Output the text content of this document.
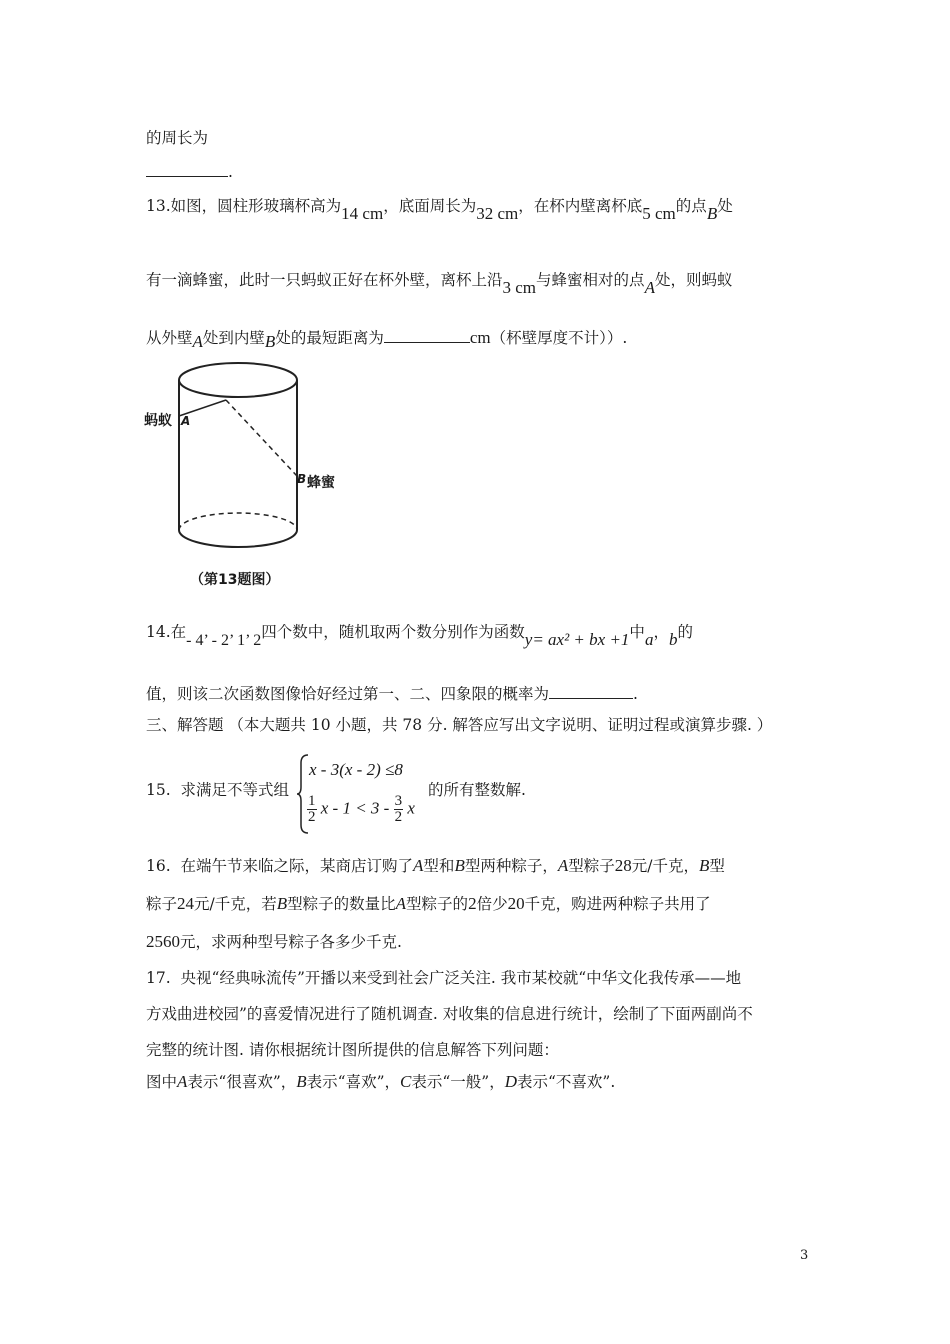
的周长为
.
13.如图，圆柱形玻璃杯高为14 cm，底面周长为32 cm，在杯内壁离杯底5 cm的点B处
有一滴蜂蜜，此时一只蚂蚁正好在杯外壁，离杯上沿3 cm与蜂蜜相对的点A处，则蚂蚁
从外壁A处到内壁B处的最短距离为	cm（杯壁厚度不计））.
蚂蚁 A
B 蜂蜜
（第13题图）
14.在- 4’ - 2’ 1’ 2四个数中，随机取两个数分别作为函数y= ax² + bx +1中a，b的
值，则该二次函数图像恰好经过第一、二、四象限的概率为	.
三、解答题 （本大题共 10 小题，共 78 分. 解答应写出文字说明、证明过程或演算步骤. ）
15. 求满足不等式组
x - 3(x - 2) ≤8
$\frac{1}{2}$ $x - 1 < 3 - \frac{3}{2}$ x
的所有整数解.
16. 在端午节来临之际，某商店订购了A型和B型两种粽子，A型粽子28元/千克，B型
粽子24元/千克，若B型粽子的数量比A型粽子的2倍少20千克，购进两种粽子共用了
2560元，求两种型号粽子各多少千克.
17. 央视“经典咏流传”开播以来受到社会广泛关注. 我市某校就“中华文化我传承——地
方戏曲进校园”的喜爱情况进行了随机调查. 对收集的信息进行统计，绘制了下面两副尚不
完整的统计图. 请你根据统计图所提供的信息解答下列问题：
图中A表示“很喜欢”，B表示“喜欢”，C表示“一般”，D表示“不喜欢”.
3
